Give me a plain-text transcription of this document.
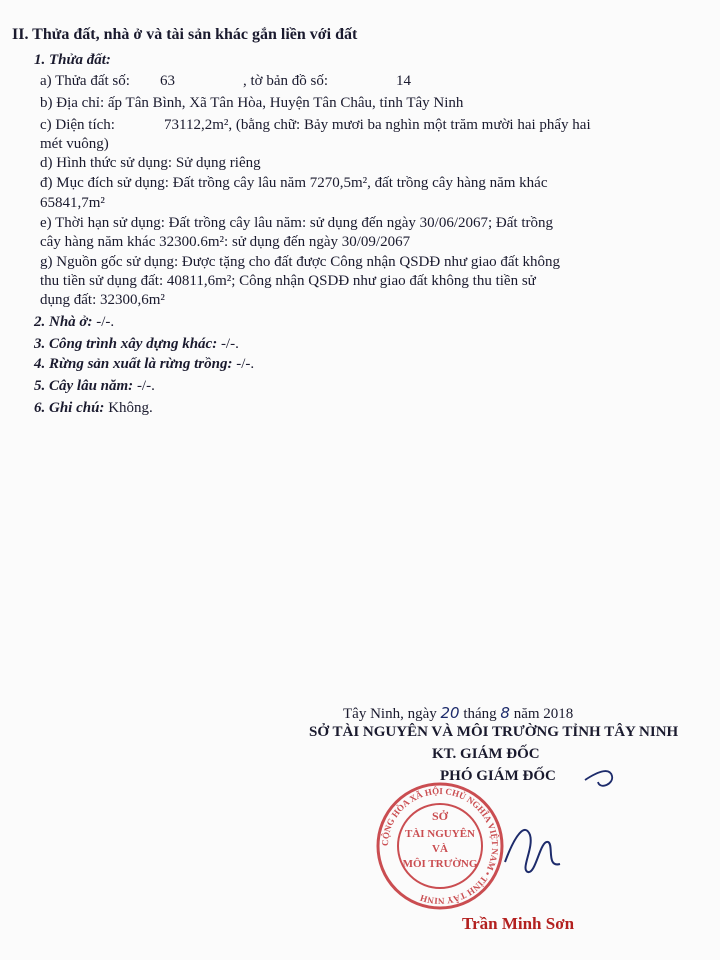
II. Thửa đất, nhà ở và tài sản khác gắn liền với đất
1. Thửa đất:
a) Thửa đất số: 63	, tờ bản đồ số:	14
b) Địa chỉ: ấp Tân Bình, Xã Tân Hòa, Huyện Tân Châu, tỉnh Tây Ninh
c) Diện tích:	73112,2m², (bằng chữ: Bảy mươi ba nghìn một trăm mười hai phẩy hai
mét vuông)
d) Hình thức sử dụng: Sử dụng riêng
đ) Mục đích sử dụng: Đất trồng cây lâu năm 7270,5m², đất trồng cây hàng năm khác
65841,7m²
e) Thời hạn sử dụng: Đất trồng cây lâu năm: sử dụng đến ngày 30/06/2067; Đất trồng
cây hàng năm khác 32300.6m²: sử dụng đến ngày 30/09/2067
g) Nguồn gốc sử dụng: Được tặng cho đất được Công nhận QSDĐ như giao đất không
thu tiền sử dụng đất: 40811,6m²; Công nhận QSDĐ như giao đất không thu tiền sử
dụng đất: 32300,6m²
2. Nhà ở: -/-.
3. Công trình xây dựng khác: -/-.
4. Rừng sản xuất là rừng trồng: -/-.
5. Cây lâu năm: -/-.
6. Ghi chú: Không.
Tây Ninh, ngày 20 tháng 8 năm 2018
SỞ TÀI NGUYÊN VÀ MÔI TRƯỜNG TỈNH TÂY NINH
KT. GIÁM ĐỐC
PHÓ GIÁM ĐỐC
CỘNG HÒA XÃ HỘI CHỦ NGHĨA VIỆT NAM • TỈNH TÂY NINH
SỞ
TÀI NGUYÊN
VÀ
MÔI TRƯỜNG
Trần Minh Sơn
